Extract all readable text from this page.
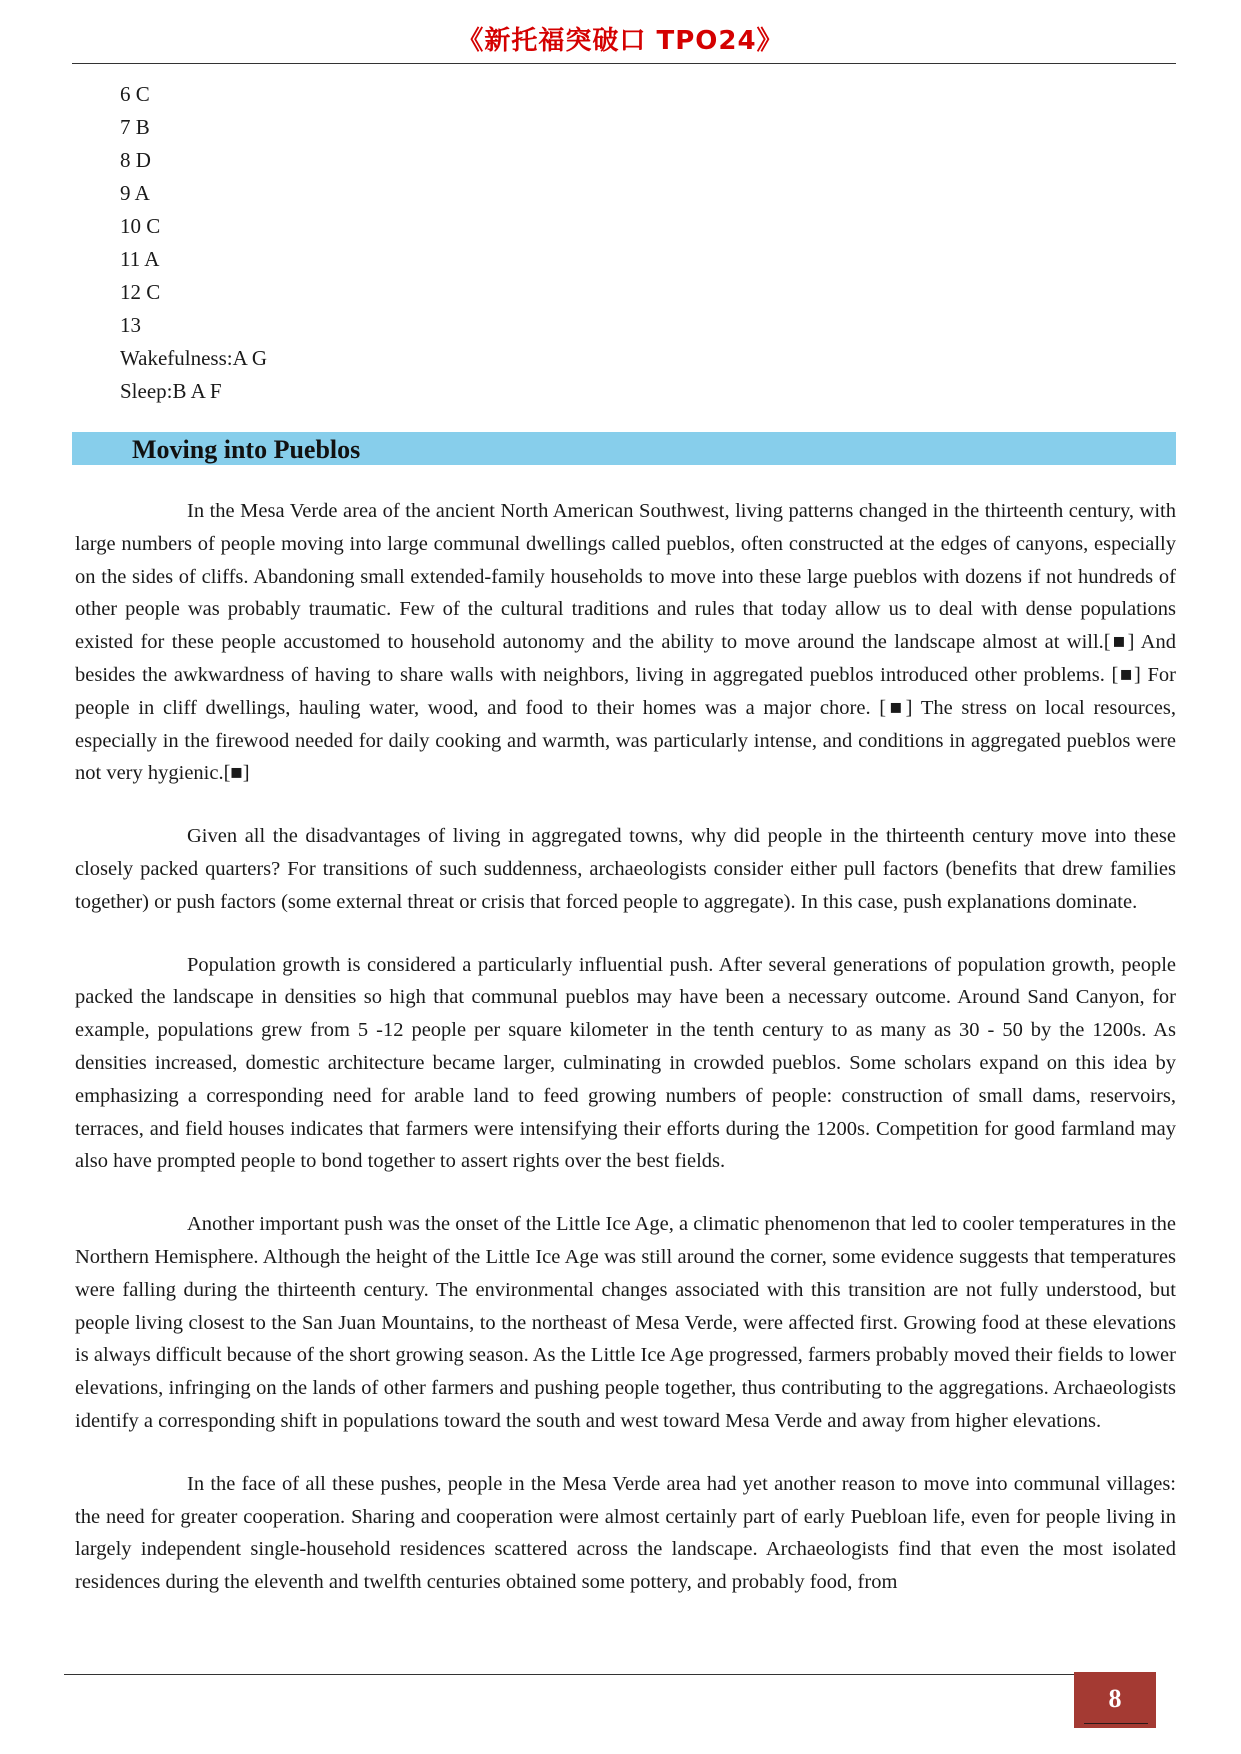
《新托福突破口 TPO24》
6 C
7 B
8 D
9 A
10 C
11 A
12 C
13
Wakefulness:A G
Sleep:B A F
Moving into Pueblos

In the Mesa Verde area of the ancient North American Southwest, living patterns changed in the thirteenth century, with large numbers of people moving into large communal dwellings called pueblos, often constructed at the edges of canyons, especially on the sides of cliffs. Abandoning small extended-family households to move into these large pueblos with dozens if not hundreds of other people was probably traumatic. Few of the cultural traditions and rules that today allow us to deal with dense populations existed for these people accustomed to household autonomy and the ability to move around the landscape almost at will.[■] And besides the awkwardness of having to share walls with neighbors, living in aggregated pueblos introduced other problems. [■] For people in cliff dwellings, hauling water, wood, and food to their homes was a major chore. [■] The stress on local resources, especially in the firewood needed for daily cooking and warmth, was particularly intense, and conditions in aggregated pueblos were not very hygienic.[■]

Given all the disadvantages of living in aggregated towns, why did people in the thirteenth century move into these closely packed quarters? For transitions of such suddenness, archaeologists consider either pull factors (benefits that drew families together) or push factors (some external threat or crisis that forced people to aggregate). In this case, push explanations dominate.

Population growth is considered a particularly influential push. After several generations of population growth, people packed the landscape in densities so high that communal pueblos may have been a necessary outcome. Around Sand Canyon, for example, populations grew from 5 -12 people per square kilometer in the tenth century to as many as 30 - 50 by the 1200s. As densities increased, domestic architecture became larger, culminating in crowded pueblos. Some scholars expand on this idea by emphasizing a corresponding need for arable land to feed growing numbers of people: construction of small dams, reservoirs, terraces, and field houses indicates that farmers were intensifying their efforts during the 1200s. Competition for good farmland may also have prompted people to bond together to assert rights over the best fields.

Another important push was the onset of the Little Ice Age, a climatic phenomenon that led to cooler temperatures in the Northern Hemisphere. Although the height of the Little Ice Age was still around the corner, some evidence suggests that temperatures were falling during the thirteenth century. The environmental changes associated with this transition are not fully understood, but people living closest to the San Juan Mountains, to the northeast of Mesa Verde, were affected first. Growing food at these elevations is always difficult because of the short growing season. As the Little Ice Age progressed, farmers probably moved their fields to lower elevations, infringing on the lands of other farmers and pushing people together, thus contributing to the aggregations. Archaeologists identify a corresponding shift in populations toward the south and west toward Mesa Verde and away from higher elevations.

In the face of all these pushes, people in the Mesa Verde area had yet another reason to move into communal villages: the need for greater cooperation. Sharing and cooperation were almost certainly part of early Puebloan life, even for people living in largely independent single-household residences scattered across the landscape. Archaeologists find that even the most isolated residences during the eleventh and twelfth centuries obtained some pottery, and probably food, from

8
